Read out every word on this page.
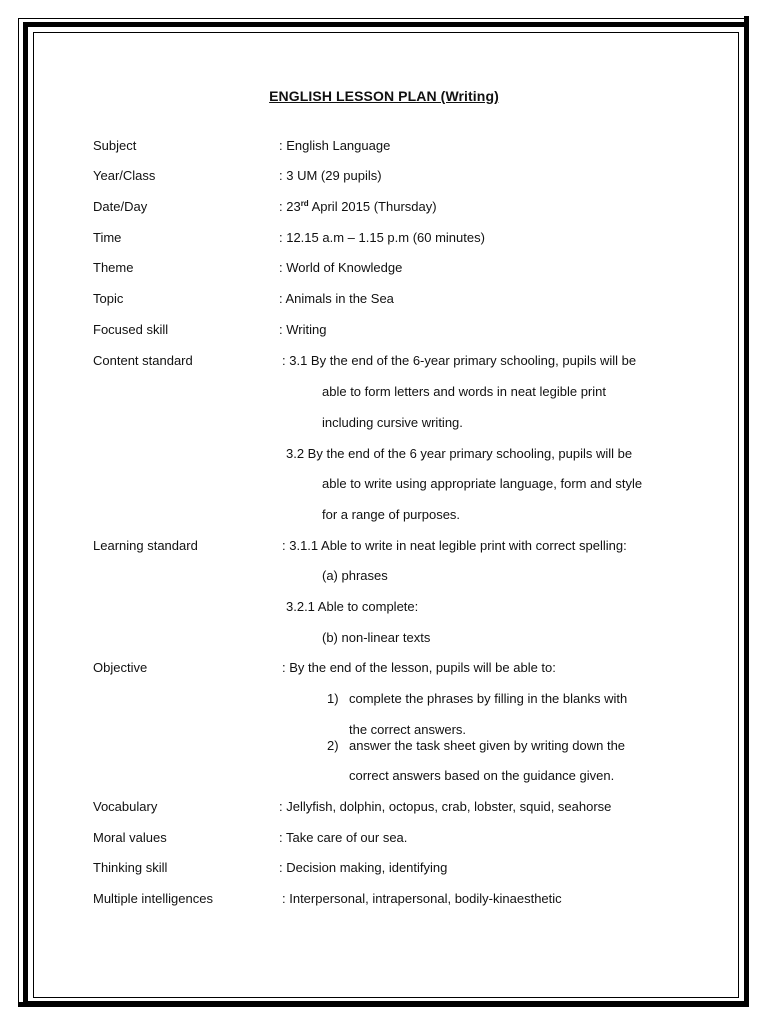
ENGLISH LESSON PLAN (Writing)
Subject	: English Language
Year/Class	: 3 UM (29 pupils)
Date/Day	: 23rd April 2015 (Thursday)
Time	: 12.15 a.m – 1.15 p.m (60 minutes)
Theme	: World of Knowledge
Topic	: Animals in the Sea
Focused skill	: Writing
Content standard	: 3.1 By the end of the 6-year primary schooling, pupils will be
able to form letters and words in neat legible print
including cursive writing.
3.2 By the end of the 6 year primary schooling, pupils will be
able to write using appropriate language, form and style
for a range of purposes.
Learning standard	: 3.1.1 Able to write in neat legible print with correct spelling:
(a) phrases
3.2.1 Able to complete:
(b) non-linear texts
Objective	: By the end of the lesson, pupils will be able to:
1) complete the phrases by filling in the blanks with
the correct answers.
2) answer the task sheet given by writing down the
correct answers based on the guidance given.
Vocabulary	: Jellyfish, dolphin, octopus, crab, lobster, squid, seahorse
Moral values	: Take care of our sea.
Thinking skill	: Decision making, identifying
Multiple intelligences	: Interpersonal, intrapersonal, bodily-kinaesthetic
